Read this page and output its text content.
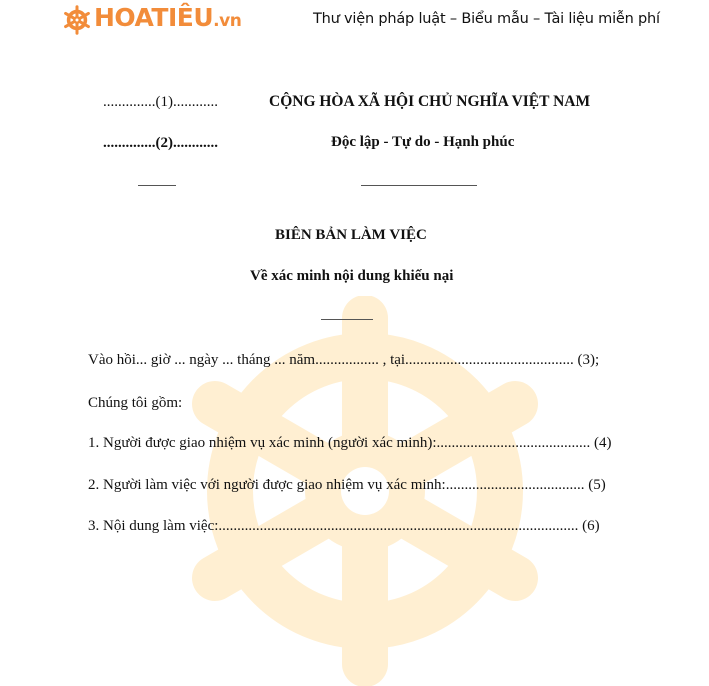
HOATIÊU.vn	Thư viện pháp luật – Biểu mẫu – Tài liệu miễn phí
..............(1)............
..............(2)............
CỘNG HÒA XÃ HỘI CHỦ NGHĨA VIỆT NAM
Độc lập - Tự do - Hạnh phúc
BIÊN BẢN LÀM VIỆC
Về xác minh nội dung khiếu nại
Vào hồi... giờ ... ngày ... tháng ... năm................. , tại............................................. (3);
Chúng tôi gồm:
1. Người được giao nhiệm vụ xác minh (người xác minh):......................................... (4)
2. Người làm việc với người được giao nhiệm vụ xác minh:..................................... (5)
3. Nội dung làm việc:................................................................................................ (6)
